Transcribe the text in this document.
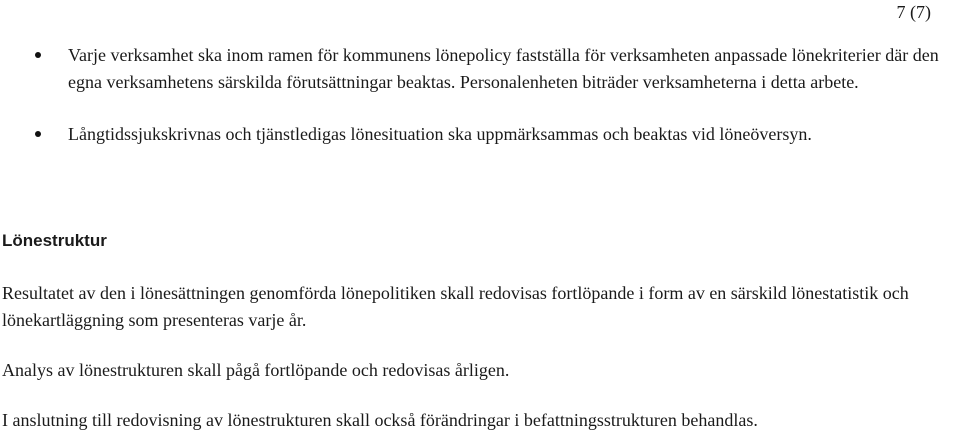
7 (7)
Varje verksamhet ska inom ramen för kommunens lönepolicy fastställa för verksamheten anpassade lönekriterier där den egna verksamhetens särskilda förutsättningar beaktas. Personalenheten biträder verksamheterna i detta arbete.
Långtidssjukskrivnas och tjänstledigas lönesituation ska uppmärksammas och beaktas vid löneöversyn.
Lönestruktur

Resultatet av den i lönesättningen genomförda lönepolitiken skall redovisas fortlöpande i form av en särskild lönestatistik och lönekartläggning som presenteras varje år.

Analys av lönestrukturen skall pågå fortlöpande och redovisas årligen.

I anslutning till redovisning av lönestrukturen skall också förändringar i befattningsstrukturen behandlas.
